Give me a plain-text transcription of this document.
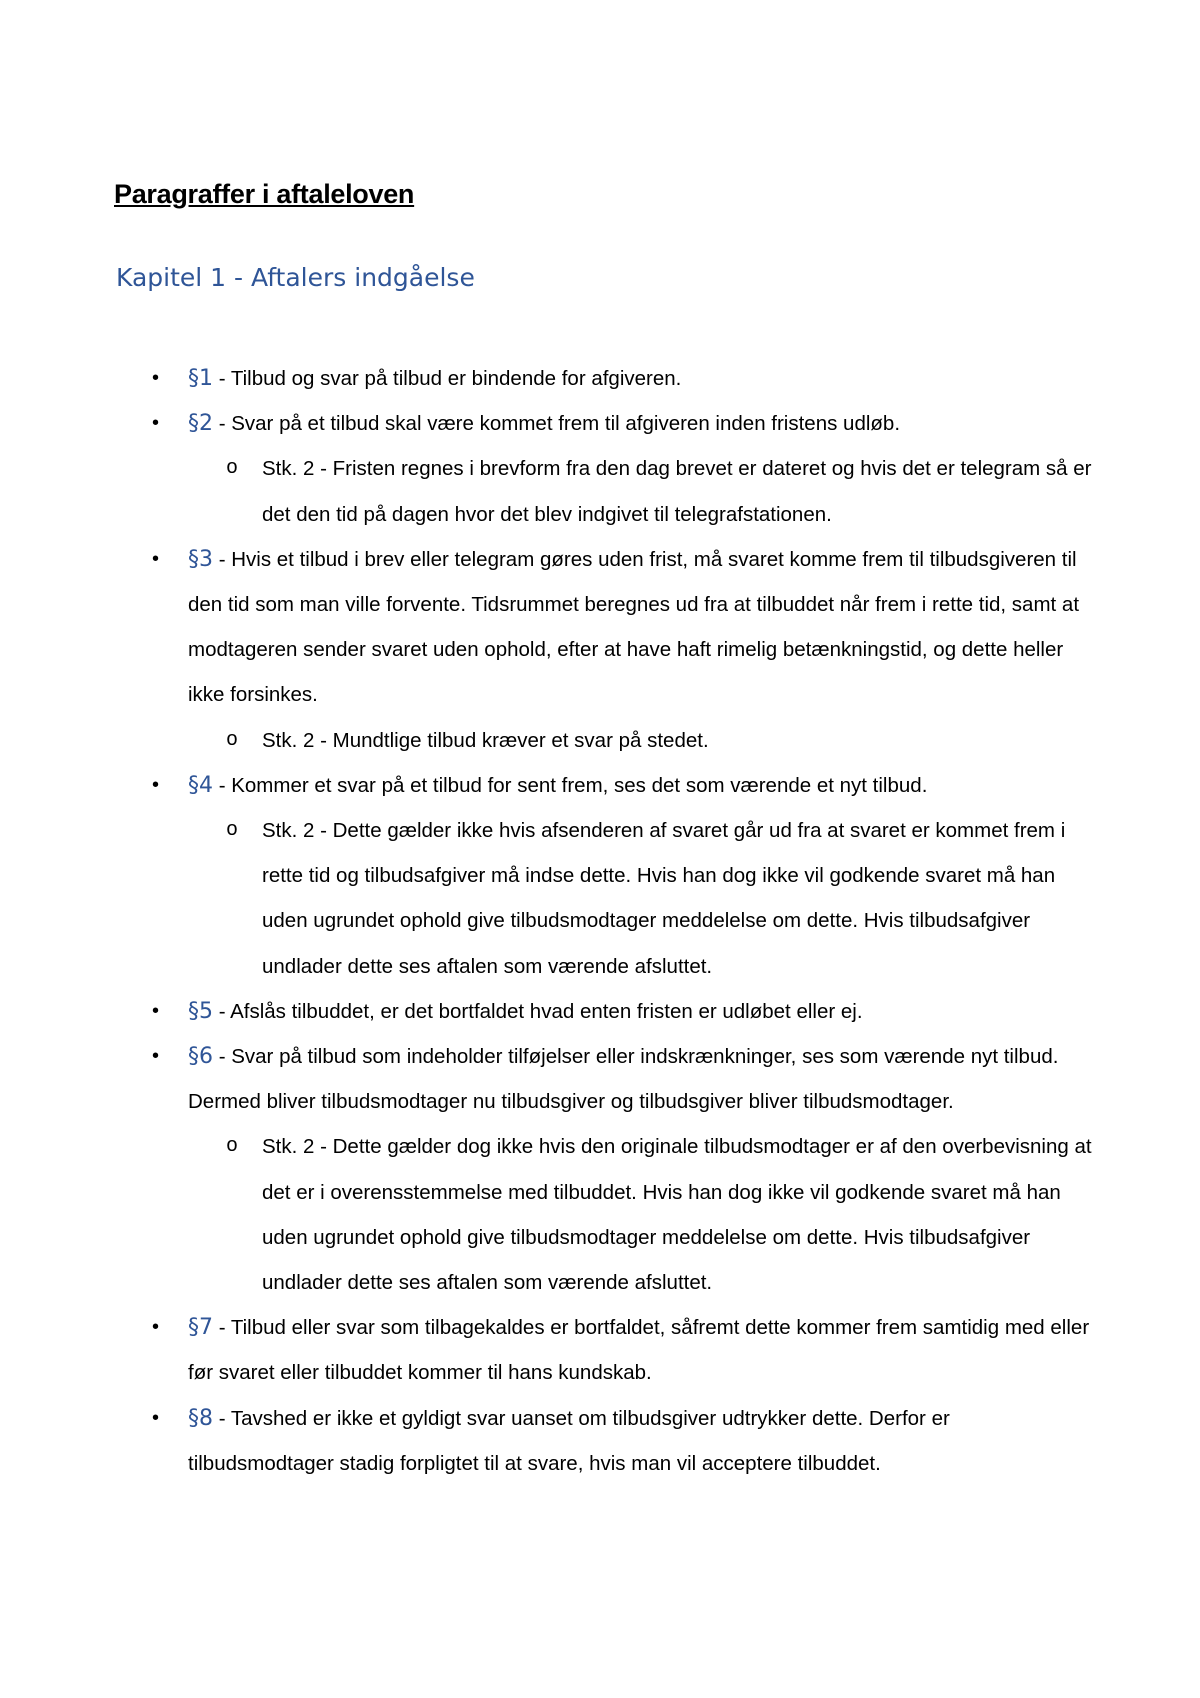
Paragraffer i aftaleloven
Kapitel 1 - Aftalers indgåelse
• §1 - Tilbud og svar på tilbud er bindende for afgiveren.
• §2 - Svar på et tilbud skal være kommet frem til afgiveren inden fristens udløb.
o Stk. 2 - Fristen regnes i brevform fra den dag brevet er dateret og hvis det er telegram så er det den tid på dagen hvor det blev indgivet til telegrafstationen.
• §3 - Hvis et tilbud i brev eller telegram gøres uden frist, må svaret komme frem til tilbudsgiveren til den tid som man ville forvente. Tidsrummet beregnes ud fra at tilbuddet når frem i rette tid, samt at modtageren sender svaret uden ophold, efter at have haft rimelig betænkningstid, og dette heller ikke forsinkes.
o Stk. 2 - Mundtlige tilbud kræver et svar på stedet.
• §4 - Kommer et svar på et tilbud for sent frem, ses det som værende et nyt tilbud.
o Stk. 2 - Dette gælder ikke hvis afsenderen af svaret går ud fra at svaret er kommet frem i rette tid og tilbudsafgiver må indse dette. Hvis han dog ikke vil godkende svaret må han uden ugrundet ophold give tilbudsmodtager meddelelse om dette. Hvis tilbudsafgiver undlader dette ses aftalen som værende afsluttet.
• §5 - Afslås tilbuddet, er det bortfaldet hvad enten fristen er udløbet eller ej.
• §6 - Svar på tilbud som indeholder tilføjelser eller indskrænkninger, ses som værende nyt tilbud. Dermed bliver tilbudsmodtager nu tilbudsgiver og tilbudsgiver bliver tilbudsmodtager.
o Stk. 2 - Dette gælder dog ikke hvis den originale tilbudsmodtager er af den overbevisning at det er i overensstemmelse med tilbuddet. Hvis han dog ikke vil godkende svaret må han uden ugrundet ophold give tilbudsmodtager meddelelse om dette. Hvis tilbudsafgiver undlader dette ses aftalen som værende afsluttet.
• §7 - Tilbud eller svar som tilbagekaldes er bortfaldet, såfremt dette kommer frem samtidig med eller før svaret eller tilbuddet kommer til hans kundskab.
• §8 - Tavshed er ikke et gyldigt svar uanset om tilbudsgiver udtrykker dette. Derfor er tilbudsmodtager stadig forpligtet til at svare, hvis man vil acceptere tilbuddet.
